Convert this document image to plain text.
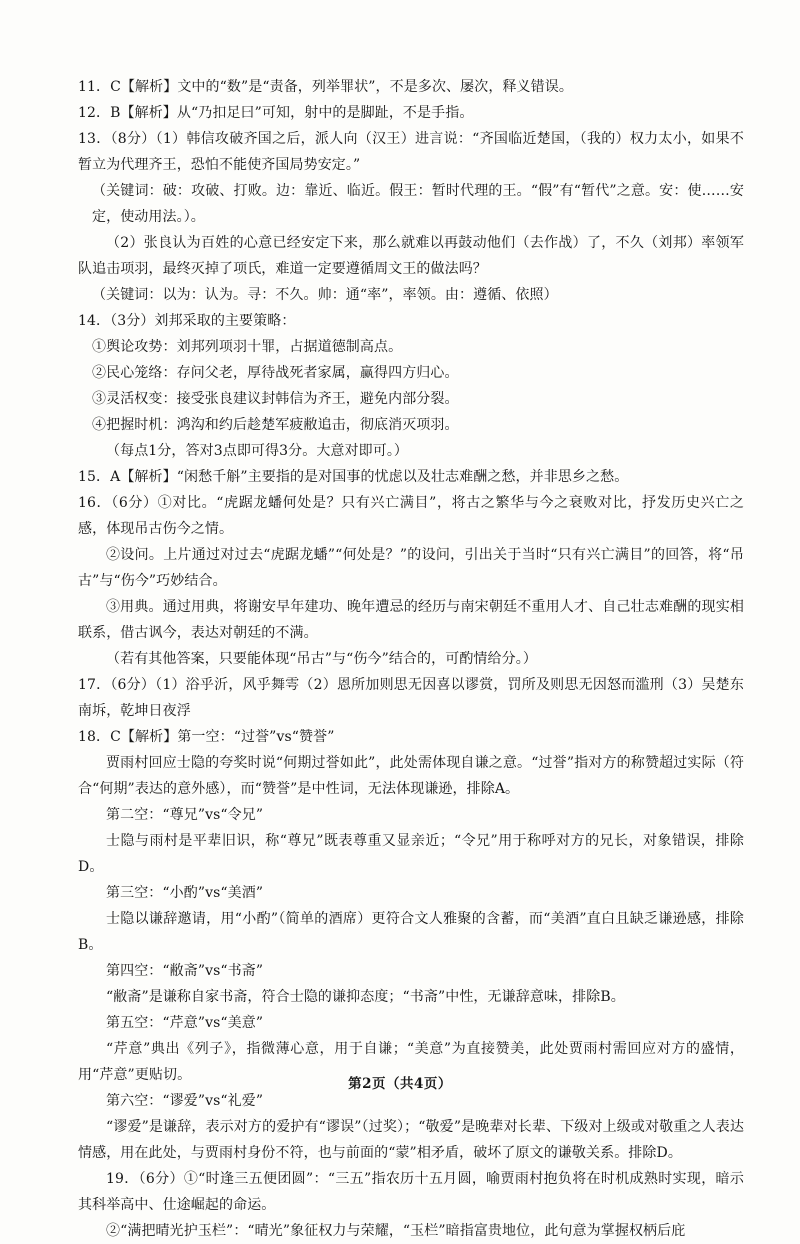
11．C【解析】文中的“数”是“责备，列举罪状”，不是多次、屡次，释义错误。

12．B【解析】从“乃扣足曰”可知，射中的是脚趾，不是手指。

13．（8分）（1）韩信攻破齐国之后，派人向（汉王）进言说：“齐国临近楚国，（我的）权力太小，如果不暂立为代理齐王，恐怕不能使齐国局势安定。”

（关键词：破：攻破、打败。边：靠近、临近。假王：暂时代理的王。“假”有“暂代”之意。安：使……安定，使动用法。）。

（2）张良认为百姓的心意已经安定下来，那么就难以再鼓动他们（去作战）了，不久（刘邦）率领军队追击项羽，最终灭掉了项氏，难道一定要遵循周文王的做法吗？

（关键词：以为：认为。寻：不久。帅：通“率”，率领。由：遵循、依照）

14．（3分）刘邦采取的主要策略：

①舆论攻势：刘邦列项羽十罪，占据道德制高点。

②民心笼络：存问父老，厚待战死者家属，赢得四方归心。

③灵活权变：接受张良建议封韩信为齐王，避免内部分裂。

④把握时机：鸿沟和约后趁楚军疲敝追击，彻底消灭项羽。

（每点1分，答对3点即可得3分。大意对即可。）

15．A【解析】“闲愁千斛”主要指的是对国事的忧虑以及壮志难酬之愁，并非思乡之愁。

16．（6分）①对比。“虎踞龙蟠何处是？只有兴亡满目”，将古之繁华与今之衰败对比，抒发历史兴亡之感，体现吊古伤今之情。

②设问。上片通过对过去“虎踞龙蟠”“何处是？”的设问，引出关于当时“只有兴亡满目”的回答，将“吊古”与“伤今”巧妙结合。

③用典。通过用典，将谢安早年建功、晚年遭忌的经历与南宋朝廷不重用人才、自己壮志难酬的现实相联系，借古讽今，表达对朝廷的不满。

（若有其他答案，只要能体现“吊古”与“伤今”结合的，可酌情给分。）

17．（6分）（1）浴乎沂，风乎舞雩（2）恩所加则思无因喜以谬赏，罚所及则思无因怒而滥刑（3）吴楚东南坼，乾坤日夜浮

18．C【解析】第一空：“过誉”vs“赞誉”

贾雨村回应士隐的夸奖时说“何期过誉如此”，此处需体现自谦之意。“过誉”指对方的称赞超过实际（符合“何期”表达的意外感），而“赞誉”是中性词，无法体现谦逊，排除A。

第二空：“尊兄”vs“令兄”

士隐与雨村是平辈旧识，称“尊兄”既表尊重又显亲近；“令兄”用于称呼对方的兄长，对象错误，排除D。

第三空：“小酌”vs“美酒”

士隐以谦辞邀请，用“小酌”（简单的酒席）更符合文人雅聚的含蓄，而“美酒”直白且缺乏谦逊感，排除B。

第四空：“敝斋”vs“书斋”

“敝斋”是谦称自家书斋，符合士隐的谦抑态度；“书斋”中性，无谦辞意味，排除B。

第五空：“芹意”vs“美意”

“芹意”典出《列子》，指微薄心意，用于自谦；“美意”为直接赞美，此处贾雨村需回应对方的盛情，用“芹意”更贴切。

第六空：“谬爱”vs“礼爱”

“谬爱”是谦辞，表示对方的爱护有“谬误”（过奖）；“敬爱”是晚辈对长辈、下级对上级或对敬重之人表达情感，用在此处，与贾雨村身份不符，也与前面的“蒙”相矛盾，破坏了原文的谦敬关系。排除D。

19．（6分）①“时逢三五便团圆”：“三五”指农历十五月圆，喻贾雨村抱负将在时机成熟时实现，暗示其科举高中、仕途崛起的命运。

②“满把晴光护玉栏”：“晴光”象征权力与荣耀，“玉栏”暗指富贵地位，此句意为掌握权柄后庇

第2页（共4页）
